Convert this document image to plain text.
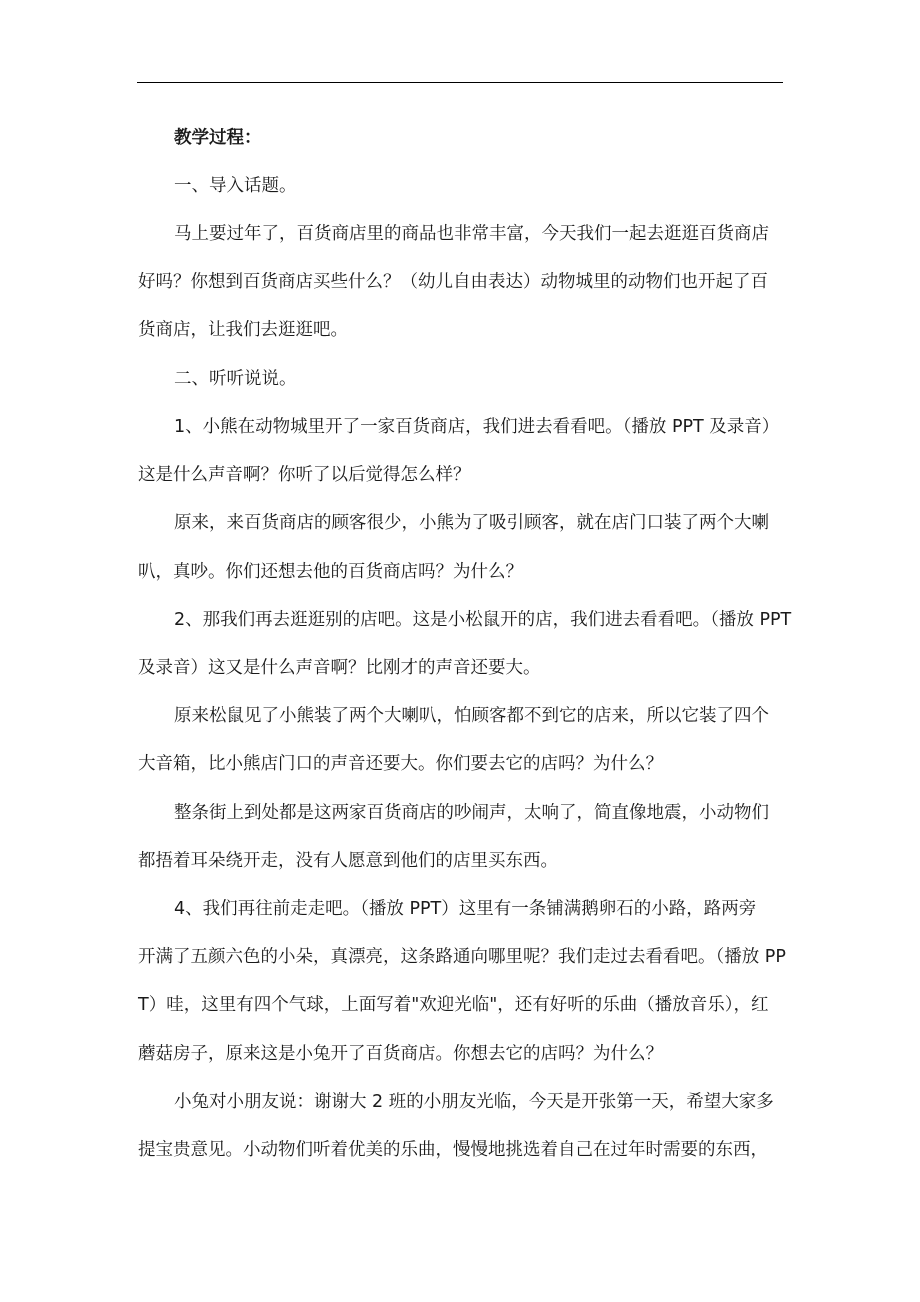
教学过程：
一、导入话题。
马上要过年了，百货商店里的商品也非常丰富，今天我们一起去逛逛百货商店
好吗？你想到百货商店买些什么？（幼儿自由表达）动物城里的动物们也开起了百
货商店，让我们去逛逛吧。
二、听听说说。
1、小熊在动物城里开了一家百货商店，我们进去看看吧。（播放 PPT 及录音）
这是什么声音啊？你听了以后觉得怎么样？
原来，来百货商店的顾客很少，小熊为了吸引顾客，就在店门口装了两个大喇
叭，真吵。你们还想去他的百货商店吗？为什么？
2、那我们再去逛逛别的店吧。这是小松鼠开的店，我们进去看看吧。（播放 PPT
及录音）这又是什么声音啊？比刚才的声音还要大。
原来松鼠见了小熊装了两个大喇叭，怕顾客都不到它的店来，所以它装了四个
大音箱，比小熊店门口的声音还要大。你们要去它的店吗？为什么？
整条街上到处都是这两家百货商店的吵闹声，太响了，简直像地震，小动物们
都捂着耳朵绕开走，没有人愿意到他们的店里买东西。
4、我们再往前走走吧。（播放 PPT）这里有一条铺满鹅卵石的小路，路两旁
开满了五颜六色的小朵，真漂亮，这条路通向哪里呢？我们走过去看看吧。（播放 PP
T）哇，这里有四个气球，上面写着"欢迎光临"，还有好听的乐曲（播放音乐），红
蘑菇房子，原来这是小兔开了百货商店。你想去它的店吗？为什么？
小兔对小朋友说：谢谢大 2 班的小朋友光临，今天是开张第一天，希望大家多
提宝贵意见。小动物们听着优美的乐曲，慢慢地挑选着自己在过年时需要的东西，
